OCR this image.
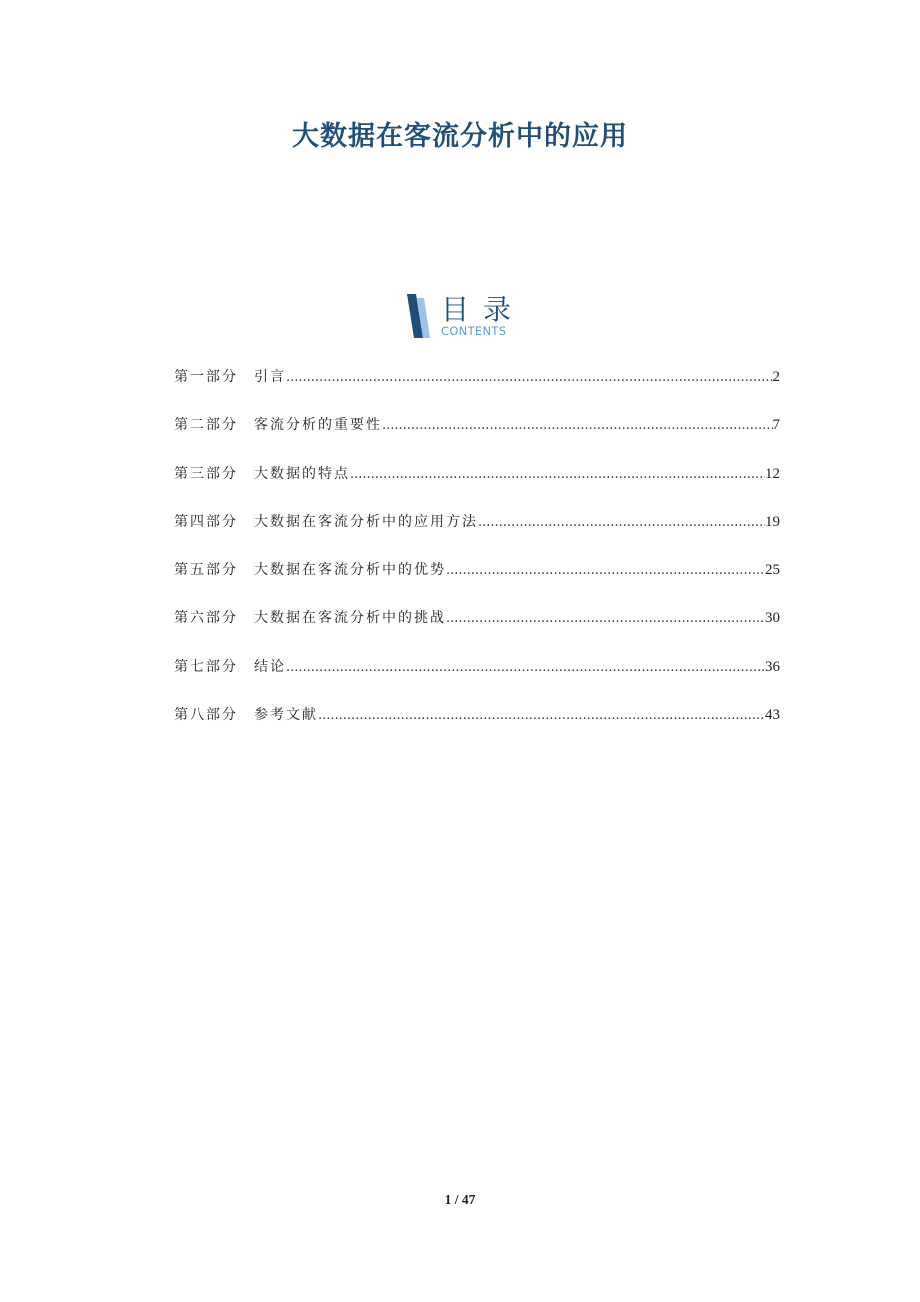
大数据在客流分析中的应用
目录
CONTENTS
第一部分	引言 .....	2
第二部分	客流分析的重要性 .....	7
第三部分	大数据的特点 .....	12
第四部分	大数据在客流分析中的应用方法 .....	19
第五部分	大数据在客流分析中的优势 .....	25
第六部分	大数据在客流分析中的挑战 .....	30
第七部分	结论 .....	36
第八部分	参考文献 .....	43
1 / 47
